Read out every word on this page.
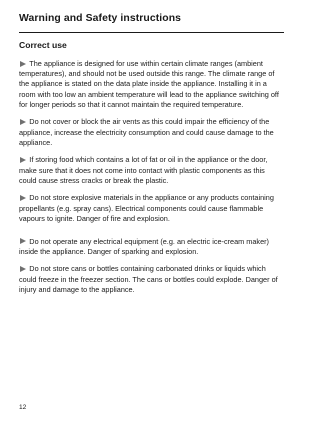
Warning and Safety instructions
Correct use

The appliance is designed for use within certain climate ranges (ambient temperatures), and should not be used outside this range. The climate range of the appliance is stated on the data plate inside the appliance. Installing it in a room with too low an ambient temperature will lead to the appliance switching off for longer periods so that it cannot maintain the required temperature.

Do not cover or block the air vents as this could impair the efficiency of the appliance, increase the electricity consumption and could cause damage to the appliance.

If storing food which contains a lot of fat or oil in the appliance or the door, make sure that it does not come into contact with plastic components as this could cause stress cracks or break the plastic.

Do not store explosive materials in the appliance or any products containing propellants (e.g. spray cans). Electrical components could cause flammable vapours to ignite. Danger of fire and explosion.

Do not operate any electrical equipment (e.g. an electric ice-cream maker) inside the appliance. Danger of sparking and explosion.

Do not store cans or bottles containing carbonated drinks or liquids which could freeze in the freezer section. The cans or bottles could explode. Danger of injury and damage to the appliance.

12
